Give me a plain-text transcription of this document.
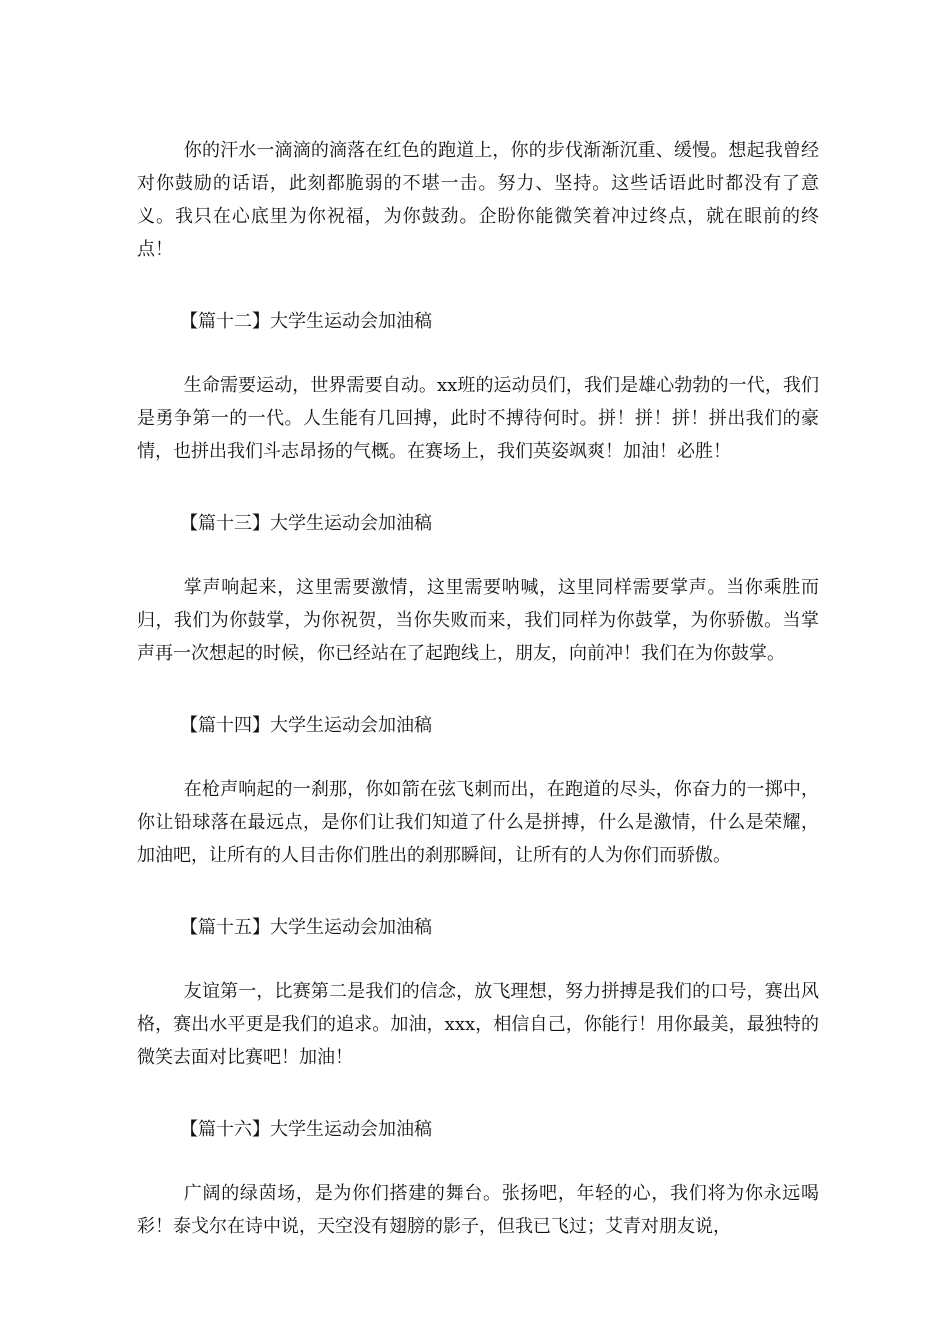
你的汗水一滴滴的滴落在红色的跑道上，你的步伐渐渐沉重、缓慢。想起我曾经对你鼓励的话语，此刻都脆弱的不堪一击。努力、坚持。这些话语此时都没有了意义。我只在心底里为你祝福，为你鼓劲。企盼你能微笑着冲过终点，就在眼前的终点！

【篇十二】大学生运动会加油稿

生命需要运动，世界需要自动。xx班的运动员们，我们是雄心勃勃的一代，我们是勇争第一的一代。人生能有几回搏，此时不搏待何时。拼！拼！拼！拼出我们的豪情，也拼出我们斗志昂扬的气概。在赛场上，我们英姿飒爽！加油！必胜！

【篇十三】大学生运动会加油稿

掌声响起来，这里需要激情，这里需要呐喊，这里同样需要掌声。当你乘胜而归，我们为你鼓掌，为你祝贺，当你失败而来，我们同样为你鼓掌，为你骄傲。当掌声再一次想起的时候，你已经站在了起跑线上，朋友，向前冲！我们在为你鼓掌。

【篇十四】大学生运动会加油稿

在枪声响起的一刹那，你如箭在弦飞刺而出，在跑道的尽头，你奋力的一掷中，你让铅球落在最远点，是你们让我们知道了什么是拼搏，什么是激情，什么是荣耀，加油吧，让所有的人目击你们胜出的刹那瞬间，让所有的人为你们而骄傲。

【篇十五】大学生运动会加油稿

友谊第一，比赛第二是我们的信念，放飞理想，努力拼搏是我们的口号，赛出风格，赛出水平更是我们的追求。加油，xxx，相信自己，你能行！用你最美，最独特的微笑去面对比赛吧！加油！

【篇十六】大学生运动会加油稿

广阔的绿茵场，是为你们搭建的舞台。张扬吧，年轻的心，我们将为你永远喝彩！泰戈尔在诗中说，天空没有翅膀的影子，但我已飞过；艾青对朋友说，
